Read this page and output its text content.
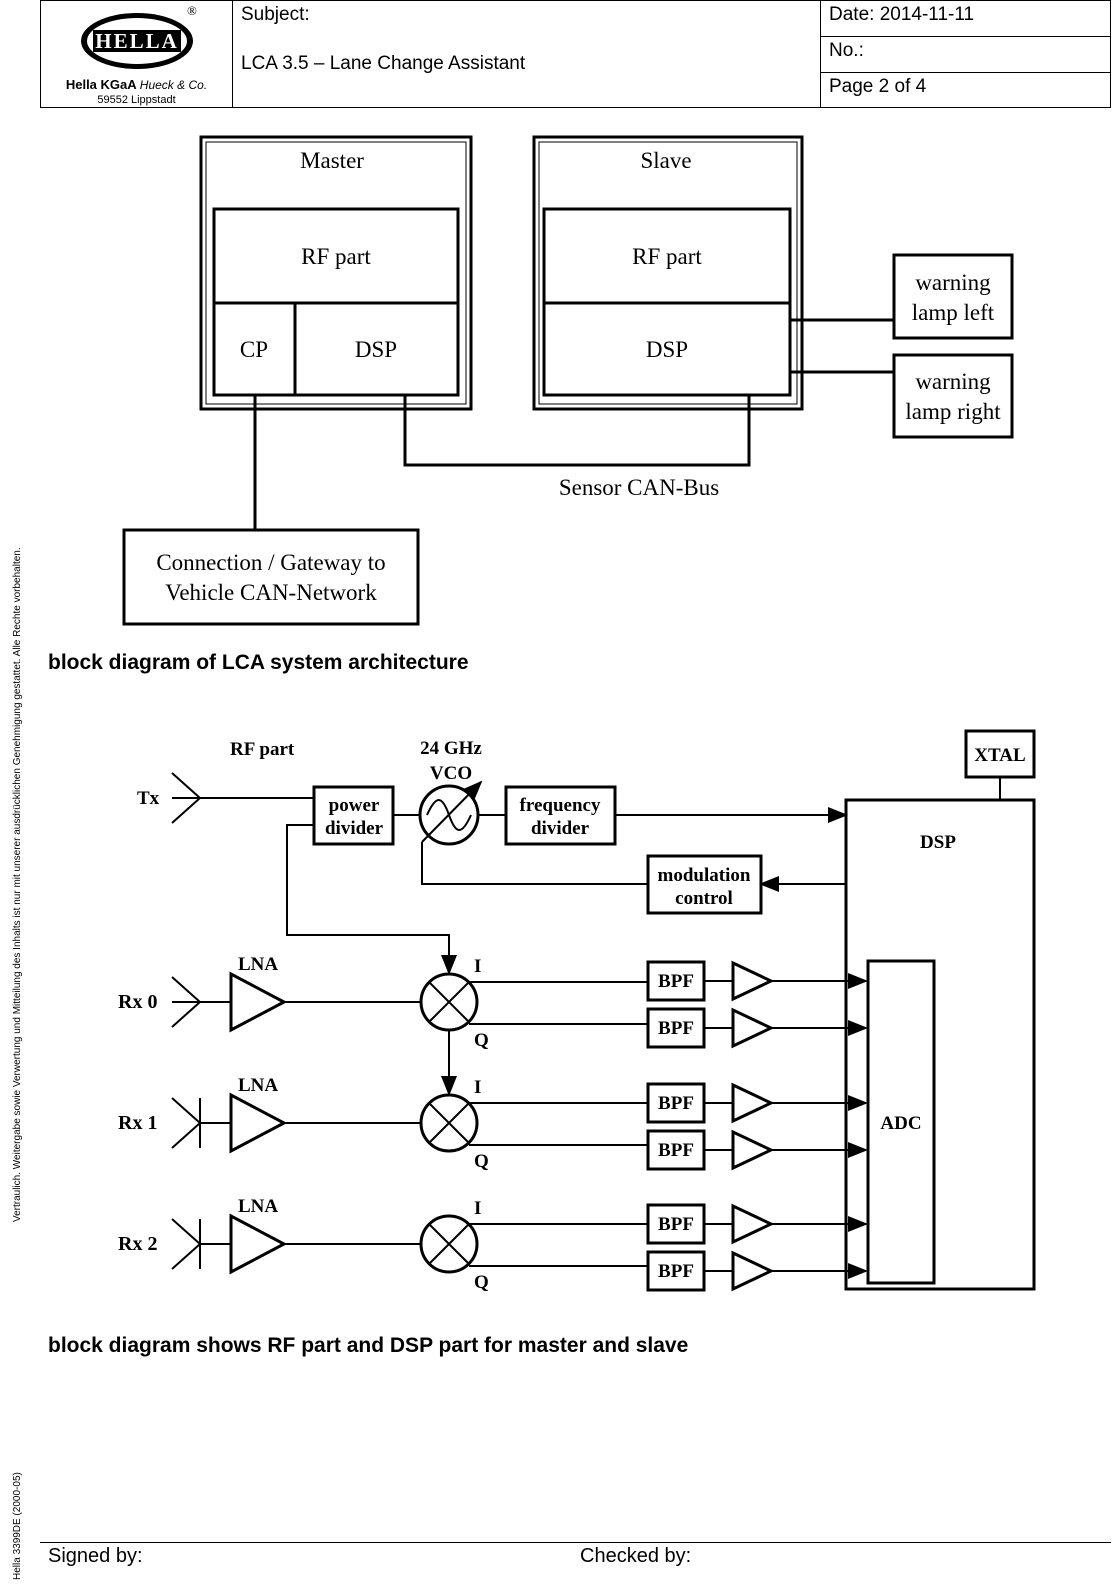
HELLA
®
Hella KGaA Hueck & Co.
59552 Lippstadt
Subject:
LCA 3.5 – Lane Change Assistant
Date: 2014-11-11
No.:
Page 2 of 4
Vertraulich. Weitergabe sowie Verwertung und Mitteilung des Inhalts ist nur mit unserer ausdrücklichen Genehmigung gestattet. Alle Rechte vorbehalten.
Hella 3399DE (2000-05)
Master	Slave
RF part	RF part
CP	DSP	DSP
warning
lamp left
warning
lamp right
Sensor CAN-Bus
Connection / Gateway to
Vehicle CAN-Network
block diagram of LCA system architecture
RF part	24 GHz
VCO
Tx	power
divider
frequency
divider
XTAL
DSP
modulation
control
ADC
LNA
LNA
LNA
Rx 0
Rx 1
Rx 2
I
Q
I
Q
I
Q
BPF
BPF
BPF
BPF
BPF
BPF
block diagram shows RF part and DSP part for master and slave
Signed by:	Checked by:
